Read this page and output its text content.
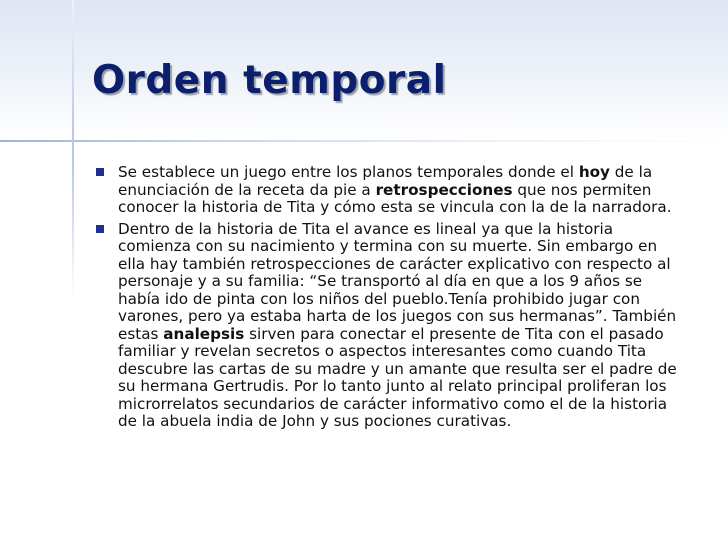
Orden temporal
Se establece un juego entre los planos temporales donde el hoy de la enunciación de la receta da pie a retrospecciones que nos permiten conocer la historia de Tita y cómo esta se vincula con la de la narradora.
Dentro de la historia de Tita el avance es lineal ya que la historia comienza con su nacimiento y termina con su muerte. Sin embargo en ella hay también retrospecciones de carácter explicativo con respecto al personaje y a su familia: “Se transportó al día en que a los 9 años se había ido de pinta con los niños del pueblo.Tenía prohibido jugar con varones, pero ya estaba harta de los juegos con sus hermanas”. También estas analepsis sirven para conectar el presente de Tita con el pasado familiar y revelan secretos o aspectos interesantes como cuando Tita descubre las cartas de su madre y un amante que resulta ser el padre de su hermana Gertrudis. Por lo tanto junto al relato principal proliferan los microrrelatos secundarios de carácter informativo como el de la historia de la abuela india de John y sus pociones curativas.
